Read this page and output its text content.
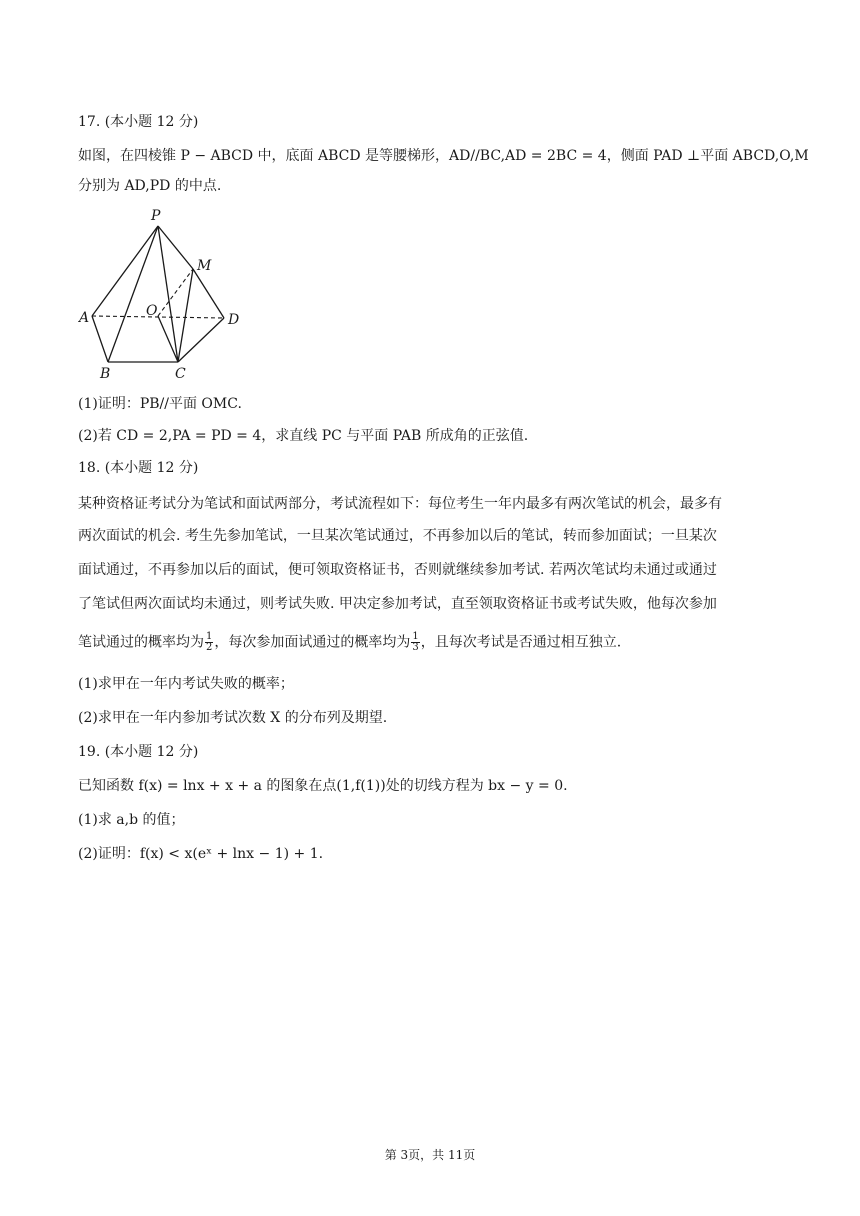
17. (本小题 12 分)
如图，在四棱锥 P − ABCD 中，底面 ABCD 是等腰梯形，AD//BC,AD = 2BC = 4，侧面 PAD ⊥平面 ABCD,O,M
分别为 AD,PD 的中点.
P
M
O
A	D
B	C
(1)证明：PB//平面 OMC.
(2)若 CD = 2,PA = PD = 4，求直线 PC 与平面 PAB 所成角的正弦值.
18. (本小题 12 分)
某种资格证考试分为笔试和面试两部分，考试流程如下：每位考生一年内最多有两次笔试的机会，最多有
两次面试的机会. 考生先参加笔试，一旦某次笔试通过，不再参加以后的笔试，转而参加面试；一旦某次
面试通过，不再参加以后的面试，便可领取资格证书，否则就继续参加考试. 若两次笔试均未通过或通过
了笔试但两次面试均未通过，则考试失败. 甲决定参加考试，直至领取资格证书或考试失败，他每次参加
笔试通过的概率均为 $\frac{1}{2}$ ，每次参加面试通过的概率均为 $\frac{1}{3}$ ，且每次考试是否通过相互独立.
(1)求甲在一年内考试失败的概率；
(2)求甲在一年内参加考试次数 X 的分布列及期望.
19. (本小题 12 分)
已知函数 f(x) = lnx + x + a 的图象在点(1,f(1))处的切线方程为 bx − y = 0.
(1)求 a,b 的值；
(2)证明：f(x) < x(eˣ + lnx − 1) + 1.
第 3页，共 11页
